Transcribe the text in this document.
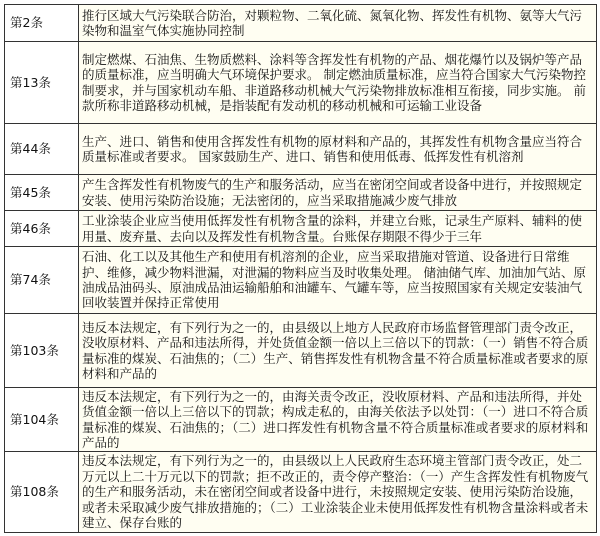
第2条	推行区域大气污染联合防治，对颗粒物、二氧化硫、氮氧化物、挥发性有机物、氨等大气污染物和温室气体实施协同控制
第13条	制定燃煤、石油焦、生物质燃料、涂料等含挥发性有机物的产品、烟花爆竹以及锅炉等产品的质量标准，应当明确大气环境保护要求。 制定燃油质量标准，应当符合国家大气污染物控制要求，并与国家机动车船、非道路移动机械大气污染物排放标准相互衔接，同步实施。 前款所称非道路移动机械，是指装配有发动机的移动机械和可运输工业设备
第44条	生产、进口、销售和使用含挥发性有机物的原材料和产品的，其挥发性有机物含量应当符合质量标准或者要求。 国家鼓励生产、进口、销售和使用低毒、低挥发性有机溶剂
第45条	产生含挥发性有机物废气的生产和服务活动，应当在密闭空间或者设备中进行，并按照规定安装、使用污染防治设施；无法密闭的，应当采取措施减少废气排放
第46条	工业涂装企业应当使用低挥发性有机物含量的涂料，并建立台账，记录生产原料、辅料的使用量、废弃量、去向以及挥发性有机物含量。台账保存期限不得少于三年
第74条	石油、化工以及其他生产和使用有机溶剂的企业，应当采取措施对管道、设备进行日常维护、维修，减少物料泄漏，对泄漏的物料应当及时收集处理。 储油储气库、加油加气站、原油成品油码头、原油成品油运输船舶和油罐车、气罐车等，应当按照国家有关规定安装油气回收装置并保持正常使用
第103条	违反本法规定，有下列行为之一的，由县级以上地方人民政府市场监督管理部门责令改正，没收原材料、产品和违法所得，并处货值金额一倍以上三倍以下的罚款：（一）销售不符合质量标准的煤炭、石油焦的；（二）生产、销售挥发性有机物含量不符合质量标准或者要求的原材料和产品的
第104条	违反本法规定，有下列行为之一的，由海关责令改正，没收原材料、产品和违法所得，并处货值金额一倍以上三倍以下的罚款；构成走私的，由海关依法予以处罚：（一）进口不符合质量标准的煤炭、石油焦的；（二）进口挥发性有机物含量不符合质量标准或者要求的原材料和产品的
第108条	违反本法规定，有下列行为之一的，由县级以上人民政府生态环境主管部门责令改正，处二万元以上二十万元以下的罚款；拒不改正的，责令停产整治：（一）产生含挥发性有机物废气的生产和服务活动，未在密闭空间或者设备中进行，未按照规定安装、使用污染防治设施，或者未采取减少废气排放措施的；（二）工业涂装企业未使用低挥发性有机物含量涂料或者未建立、保存台账的
